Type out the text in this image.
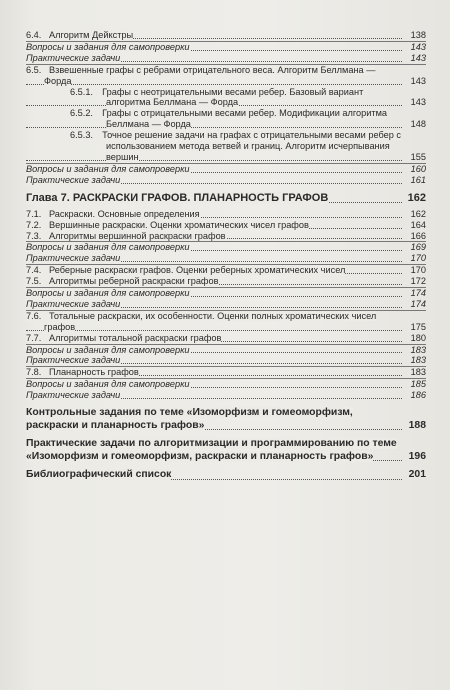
6.4.   Алгоритм Дейкстры	138
Вопросы и задания для самопроверки	143
Практические задачи	143
6.5.   Взвешенные графы с ребрами отрицательного веса. Алгоритм Беллмана — Форда	143
6.5.1. Графы с неотрицательными весами ребер. Базовый вариант алгоритма Беллмана — Форда	143
6.5.2. Графы с отрицательными весами ребер. Модификации алгоритма Беллмана — Форда	148
6.5.3. Точное решение задачи на графах с отрицательными весами ребер с использованием метода ветвей и границ. Алгоритм исчерпывания вершин	155
Вопросы и задания для самопроверки	160
Практические задачи	161
Глава 7. РАСКРАСКИ ГРАФОВ. ПЛАНАРНОСТЬ ГРАФОВ	162
7.1.   Раскраски. Основные определения	162
7.2.   Вершинные раскраски. Оценки хроматических чисел графов	164
7.3.   Алгоритмы вершинной раскраски графов	166
Вопросы и задания для самопроверки	169
Практические задачи	170
7.4.   Реберные раскраски графов. Оценки реберных хроматических чисел	170
7.5.   Алгоритмы реберной раскраски графов	172
Вопросы и задания для самопроверки	174
Практические задачи	174
7.6.   Тотальные раскраски, их особенности. Оценки полных хроматических чисел графов	175
7.7.   Алгоритмы тотальной раскраски графов	180
Вопросы и задания для самопроверки	183
Практические задачи	183
7.8.   Планарность графов	183
Вопросы и задания для самопроверки	185
Практические задачи	186
Контрольные задания по теме «Изоморфизм и гомеоморфизм, раскраски и планарность графов»	188
Практические задачи по алгоритмизации и программированию по теме «Изоморфизм и гомеоморфизм, раскраски и планарность графов»	196
Библиографический список	201
